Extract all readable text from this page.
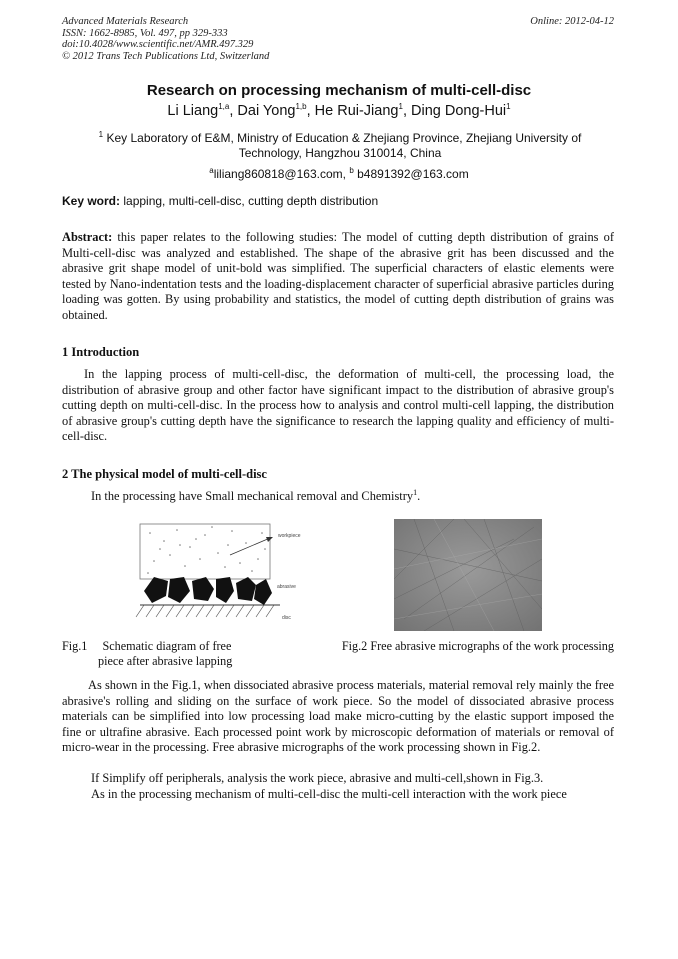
Advanced Materials Research
ISSN: 1662-8985, Vol. 497, pp 329-333
doi:10.4028/www.scientific.net/AMR.497.329
© 2012 Trans Tech Publications Ltd, Switzerland
Online: 2012-04-12
Research on processing mechanism of multi-cell-disc
Li Liang$^{1,a}$, Dai Yong$^{1,b}$, He Rui-Jiang$^1$, Ding Dong-Hui$^1$
$^1$ Key Laboratory of E&M, Ministry of Education & Zhejiang Province, Zhejiang University of
Technology, Hangzhou 310014, China
$^a$liliang860818@163.com, $^b$ b4891392@163.com
Key word: lapping, multi-cell-disc, cutting depth distribution
Abstract: this paper relates to the following studies: The model of cutting depth distribution of grains of Multi-cell-disc was analyzed and established. The shape of the abrasive grit has been discussed and the abrasive grit shape model of unit-bold was simplified. The superficial characters of elastic elements were tested by Nano-indentation tests and the loading-displacement character of superficial abrasive particles during loading was gotten. By using probability and statistics, the model of cutting depth distribution of grains was obtained.
1 Introduction
In the lapping process of multi-cell-disc, the deformation of multi-cell, the processing load, the distribution of abrasive group and other factor have significant impact to the distribution of abrasive group's cutting depth on multi-cell-disc. In the process how to analysis and control multi-cell lapping, the distribution of abrasive group's cutting depth have the significance to research the lapping quality and efficiency of multi-cell-disc.
2 The physical model of multi-cell-disc
In the processing have Small mechanical removal and Chemistry$^1$.
workpiece
abrasive
disc
Fig.1 Schematic diagram of free
piece after abrasive lapping
Fig.2 Free abrasive micrographs of the work processing
As shown in the Fig.1, when dissociated abrasive process materials, material removal rely mainly the free abrasive's rolling and sliding on the surface of work piece. So the model of dissociated abrasive process materials can be simplified into low processing load make micro-cutting by the elastic support imposed the fine or ultrafine abrasive. Each processed point work by microscopic deformation of materials or removal of micro-wear in the processing. Free abrasive micrographs of the work processing shown in Fig.2.
If Simplify off peripherals, analysis the work piece, abrasive and multi-cell,shown in Fig.3.
As in the processing mechanism of multi-cell-disc the multi-cell interaction with the work piece
